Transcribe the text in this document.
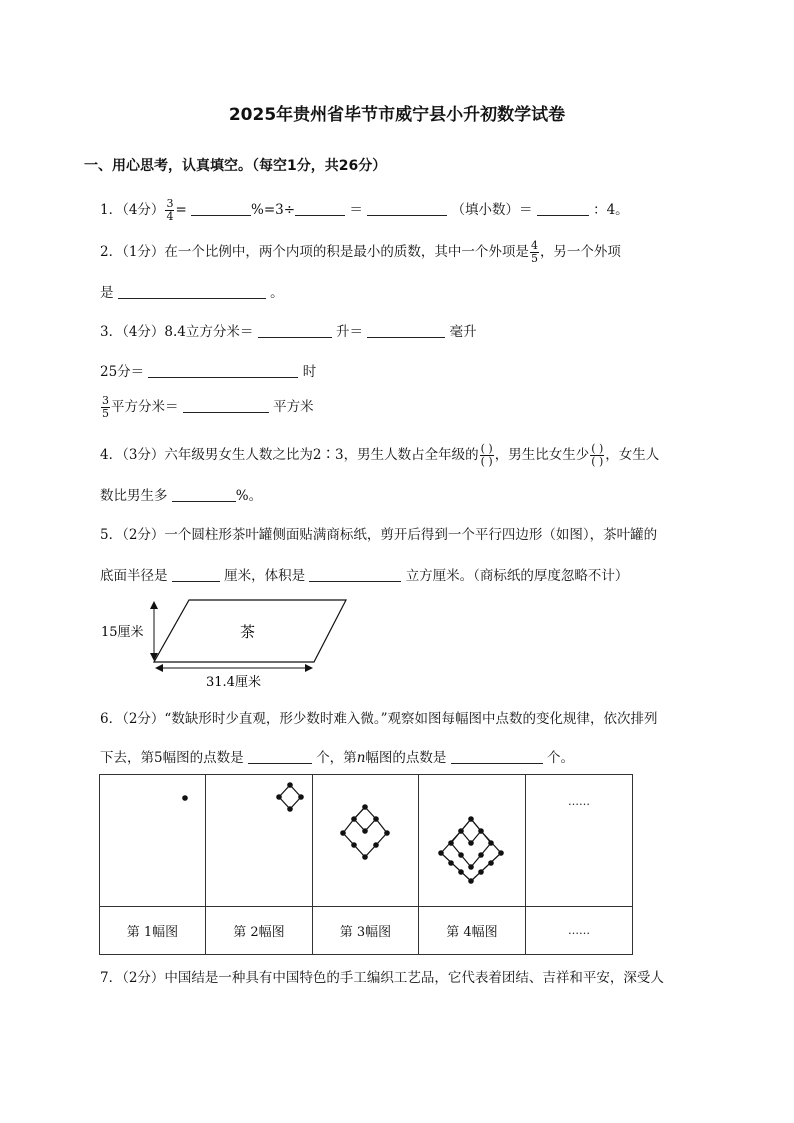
2025年贵州省毕节市威宁县小升初数学试卷
一、用心思考，认真填空。（每空1分，共26分）
1．（4分） $\frac{3}{4}$ =	%=3÷	＝	（填小数）＝	：4。
2．（1分）在一个比例中，两个内项的积是最小的质数，其中一个外项是 $\frac{4}{5}$ ，另一个外项
是	。
3．（4分）8.4立方分米＝	升＝	毫升
25分＝	时
$\frac{3}{5}$ 平方分米＝	平方米
4．（3分）六年级男女生人数之比为2∶3，男生人数占全年级的 $\frac{( )}{( )}$ ，男生比女生少 $\frac{( )}{( )}$ ，女生人
数比男生多	%。
5．（2分）一个圆柱形茶叶罐侧面贴满商标纸，剪开后得到一个平行四边形（如图），茶叶罐的
底面半径是	厘米，体积是	立方厘米。（商标纸的厚度忽略不计）
15厘米	茶
31.4厘米
6．（2分）“数缺形时少直观，形少数时难入微。”观察如图每幅图中点数的变化规律，依次排列
下去，第5幅图的点数是	个，第n幅图的点数是	个。

……

第 1幅图	第 2幅图	第 3幅图	第 4幅图	……
7．（2分）中国结是一种具有中国特色的手工编织工艺品，它代表着团结、吉祥和平安，深受人
